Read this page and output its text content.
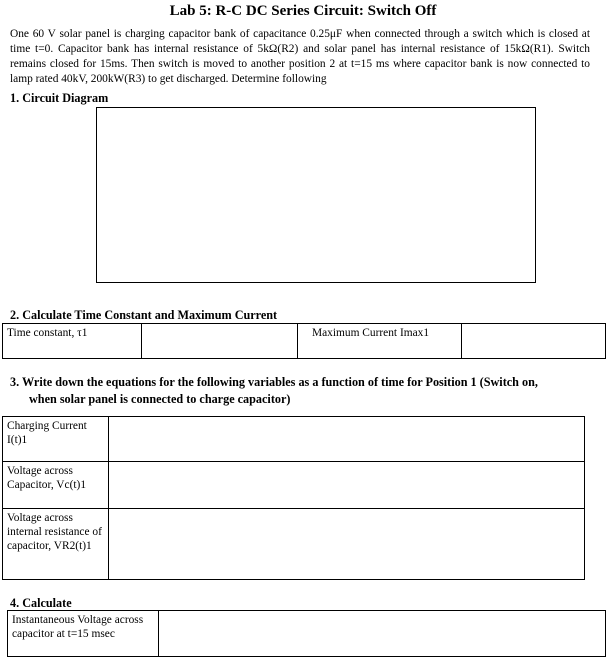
Lab 5: R-C DC Series Circuit: Switch Off
One 60 V solar panel is charging capacitor bank of capacitance 0.25μF when connected through a switch which is closed at time t=0. Capacitor bank has internal resistance of 5kΩ(R2) and solar panel has internal resistance of 15kΩ(R1). Switch remains closed for 15ms. Then switch is moved to another position 2 at t=15 ms where capacitor bank is now connected to lamp rated 40kV, 200kW(R3) to get discharged. Determine following
1. Circuit Diagram
2. Calculate Time Constant and Maximum Current
Time constant, τ1		Maximum Current Imax1	
3. Write down the equations for the following variables as a function of time for Position 1 (Switch on,
when solar panel is connected to charge capacitor)
Charging Current I(t)1	
Voltage across Capacitor, Vc(t)1	
Voltage across internal resistance of capacitor, VR2(t)1	
4. Calculate
Instantaneous Voltage across capacitor at t=15 msec	
